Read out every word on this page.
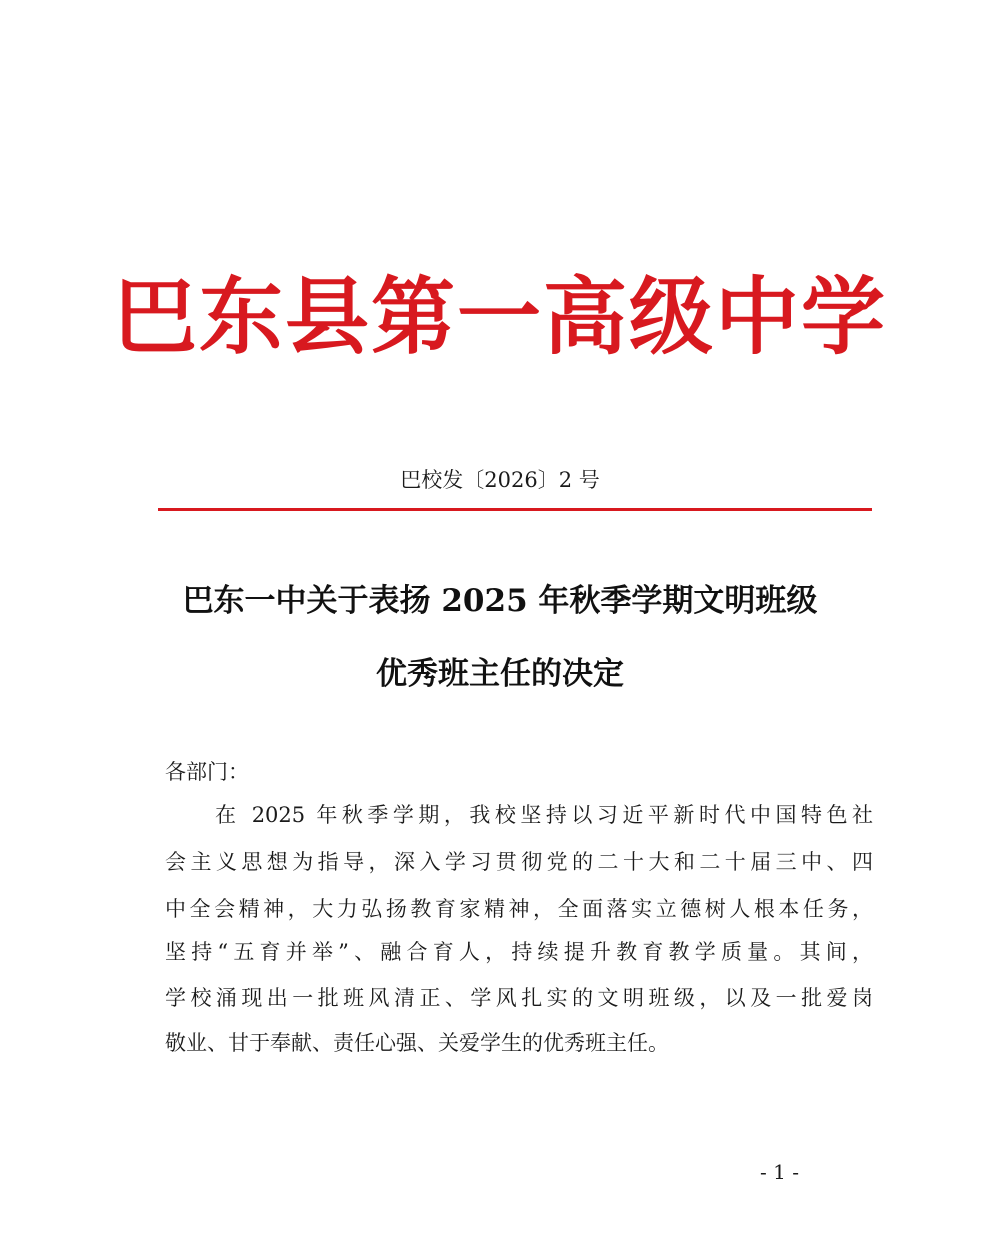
巴东县第一高级中学
巴校发〔2026〕2 号
巴东一中关于表扬 2025 年秋季学期文明班级
优秀班主任的决定
各部门：
在 2025 年秋季学期，我校坚持以习近平新时代中国特色社
会主义思想为指导，深入学习贯彻党的二十大和二十届三中、四
中全会精神，大力弘扬教育家精神，全面落实立德树人根本任务，
坚持“五育并举”、融合育人，持续提升教育教学质量。其间，
学校涌现出一批班风清正、学风扎实的文明班级，以及一批爱岗
敬业、甘于奉献、责任心强、关爱学生的优秀班主任。
- 1 -
